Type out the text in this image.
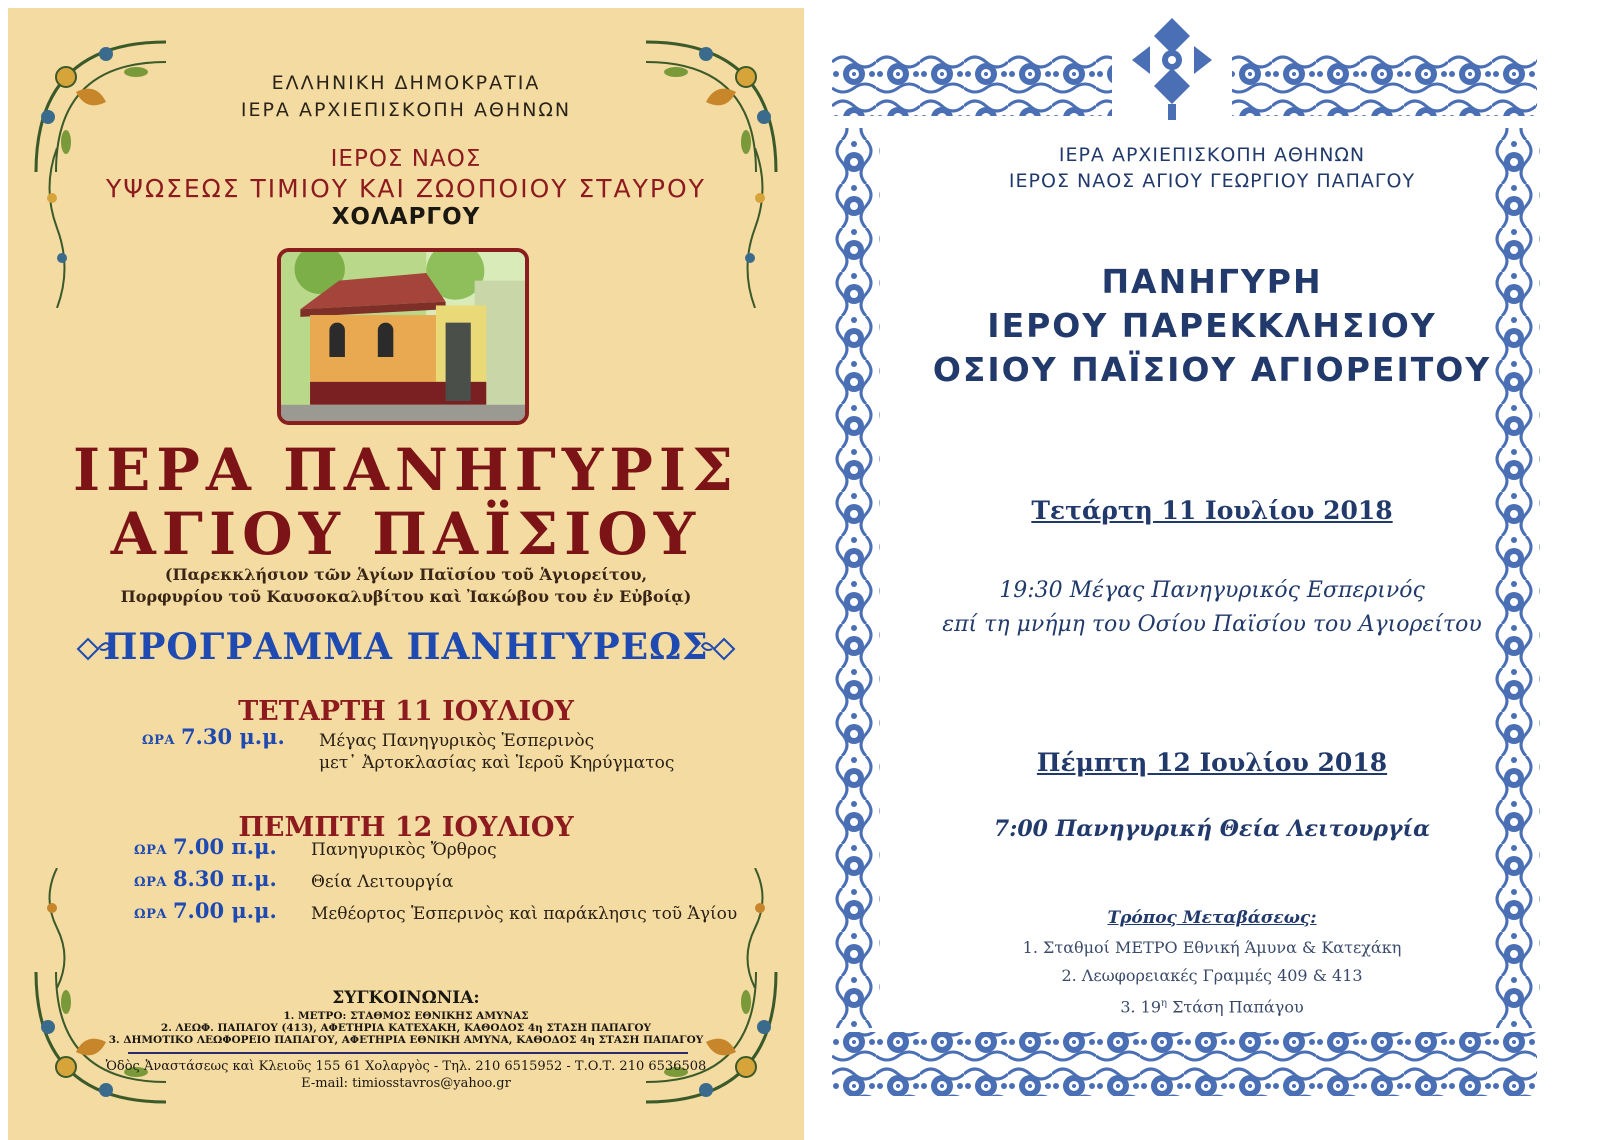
ΕΛΛΗΝΙΚΗ ΔΗΜΟΚΡΑΤΙΑ
ΙΕΡΑ ΑΡΧΙΕΠΙΣΚΟΠΗ ΑΘΗΝΩΝ
ΙΕΡΟΣ ΝΑΟΣ
ΥΨΩΣΕΩΣ ΤΙΜΙΟΥ ΚΑΙ ΖΩΟΠΟΙΟΥ ΣΤΑΥΡΟΥ
ΧΟΛΑΡΓΟΥ
ΙΕΡΑ ΠΑΝΗΓΥΡΙΣ
ΑΓΙΟΥ ΠΑΪΣΙΟΥ
(Παρεκκλήσιον τῶν Ἁγίων Παϊσίου τοῦ Ἁγιορείτου,
Πορφυρίου τοῦ Καυσοκαλυβίτου καὶ Ἰακώβου του ἐν Εὐβοίᾳ)
ΠΡΟΓΡΑΜΜΑ ΠΑΝΗΓΥΡΕΩΣ
ΤΕΤΑΡΤΗ 11 ΙΟΥΛΙΟΥ
ΩΡΑ 7.30 μ.μ. Μέγας Πανηγυρικὸς Ἑσπερινὸς
μετ᾽ Ἀρτοκλασίας καὶ Ἱεροῦ Κηρύγματος
ΠΕΜΠΤΗ 12 ΙΟΥΛΙΟΥ
ΩΡΑ 7.00 π.μ. Πανηγυρικὸς Ὄρθρος
ΩΡΑ 8.30 π.μ. Θεία Λειτουργία
ΩΡΑ 7.00 μ.μ. Μεθέορτος Ἑσπερινὸς καὶ παράκλησις τοῦ Ἁγίου
ΣΥΓΚΟΙΝΩΝΙΑ:
1. ΜΕΤΡΟ: ΣΤΑΘΜΟΣ ΕΘΝΙΚΗΣ ΑΜΥΝΑΣ
2. ΛΕΩΦ. ΠΑΠΑΓΟΥ (413), ΑΦΕΤΗΡΙΑ ΚΑΤΕΧΑΚΗ, ΚΑΘΟΔΟΣ 4η ΣΤΑΣΗ ΠΑΠΑΓΟΥ
3. ΔΗΜΟΤΙΚΟ ΛΕΩΦΟΡΕΙΟ ΠΑΠΑΓΟΥ, ΑΦΕΤΗΡΙΑ ΕΘΝΙΚΗ ΑΜΥΝΑ, ΚΑΘΟΔΟΣ 4η ΣΤΑΣΗ ΠΑΠΑΓΟΥ
Ὁδὸς Ἀναστάσεως καὶ Κλειοῦς 155 61 Χολαργὸς - Τηλ. 210 6515952 - Τ.Ο.Τ. 210 6536508
E-mail: timiosstavros@yahoo.gr
ΙΕΡΑ ΑΡΧΙΕΠΙΣΚΟΠΗ ΑΘΗΝΩΝ
ΙΕΡΟΣ ΝΑΟΣ ΑΓΙΟΥ ΓΕΩΡΓΙΟΥ ΠΑΠΑΓΟΥ
ΠΑΝΗΓΥΡΗ
ΙΕΡΟΥ ΠΑΡΕΚΚΛΗΣΙΟΥ
ΟΣΙΟΥ ΠΑΪΣΙΟΥ ΑΓΙΟΡΕΙΤΟΥ
Τετάρτη 11 Ιουλίου 2018
19:30 Μέγας Πανηγυρικός Εσπερινός
επί τη μνήμη του Οσίου Παϊσίου του Αγιορείτου
Πέμπτη 12 Ιουλίου 2018
7:00 Πανηγυρική Θεία Λειτουργία
Τρόπος Μεταβάσεως:
1. Σταθμοί ΜΕΤΡΟ Εθνική Άμυνα & Κατεχάκη
2. Λεωφορειακές Γραμμές 409 & 413
3. $19^\eta$ Στάση Παπάγου
